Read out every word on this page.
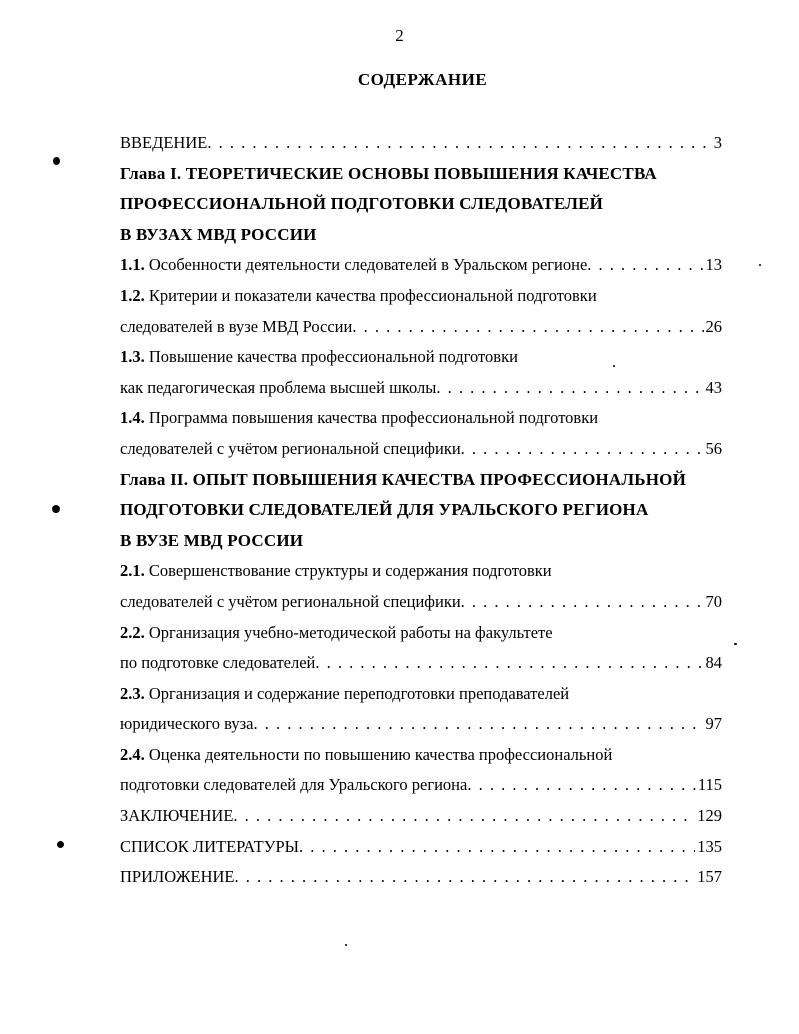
2
СОДЕРЖАНИЕ
ВВЕДЕНИЕ . . .	3
Глава I. ТЕОРЕТИЧЕСКИЕ ОСНОВЫ ПОВЫШЕНИЯ КАЧЕСТВА
ПРОФЕССИОНАЛЬНОЙ ПОДГОТОВКИ СЛЕДОВАТЕЛЕЙ
В ВУЗАХ МВД РОССИИ
1.1. Особенности деятельности следователей в Уральском регионе . . .	13
1.2. Критерии и показатели качества профессиональной подготовки
следователей в вузе МВД России . . .	26
1.3. Повышение качества профессиональной подготовки
как педагогическая проблема высшей школы . . .	43
1.4. Программа повышения качества профессиональной подготовки
следователей с учётом региональной специфики . . .	56
Глава II. ОПЫТ ПОВЫШЕНИЯ КАЧЕСТВА ПРОФЕССИОНАЛЬНОЙ
ПОДГОТОВКИ СЛЕДОВАТЕЛЕЙ ДЛЯ УРАЛЬСКОГО РЕГИОНА
В ВУЗЕ МВД РОССИИ
2.1. Совершенствование структуры и содержания подготовки
следователей с учётом региональной специфики . . .	70
2.2. Организация учебно-методической работы на факультете
по подготовке следователей . . .	84
2.3. Организация и содержание переподготовки преподавателей
юридического вуза . . .	97
2.4. Оценка деятельности по повышению качества профессиональной
подготовки следователей для Уральского региона . . .	115
ЗАКЛЮЧЕНИЕ . . .	129
СПИСОК ЛИТЕРАТУРЫ . . .	135
ПРИЛОЖЕНИЕ . . .	157
